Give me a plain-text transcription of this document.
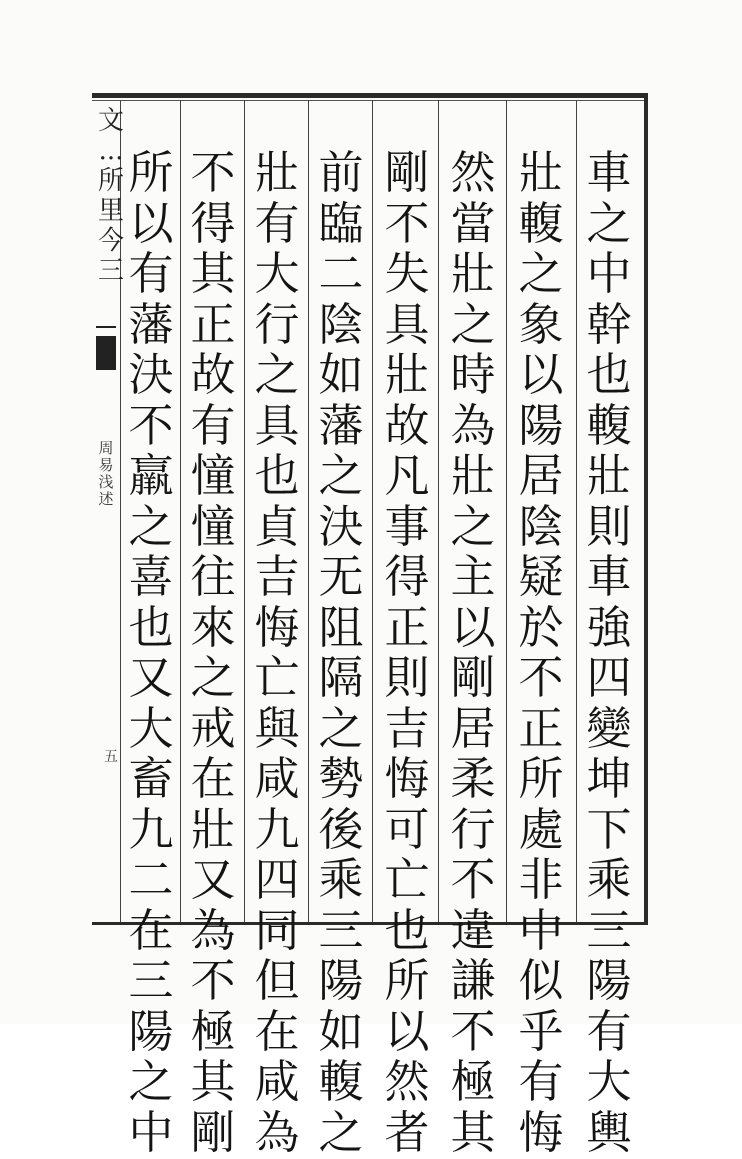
文
...
所
里
今
三
周
易
浅
述
五
車
之
中
幹
也
輹
壯
則
車
強
四
變
坤
下
乘
三
陽
有
大
輿
壯
輹
之
象
以
陽
居
陰
疑
於
不
正
所
處
非
中
似
乎
有
悔
然
當
壯
之
時
為
壯
之
主
以
剛
居
柔
行
不
違
謙
不
極
其
剛
不
失
具
壯
故
凡
事
得
正
則
吉
悔
可
亡
也
所
以
然
者
前
臨
二
陰
如
藩
之
決
无
阻
隔
之
勢
後
乘
三
陽
如
輹
之
壯
有
大
行
之
具
也
貞
吉
悔
亡
與
咸
九
四
同
但
在
咸
為
不
得
其
正
故
有
憧
憧
往
來
之
戒
在
壯
又
為
不
極
其
剛
所
以
有
藩
決
不
羸
之
喜
也
又
大
畜
九
二
在
三
陽
之
中
